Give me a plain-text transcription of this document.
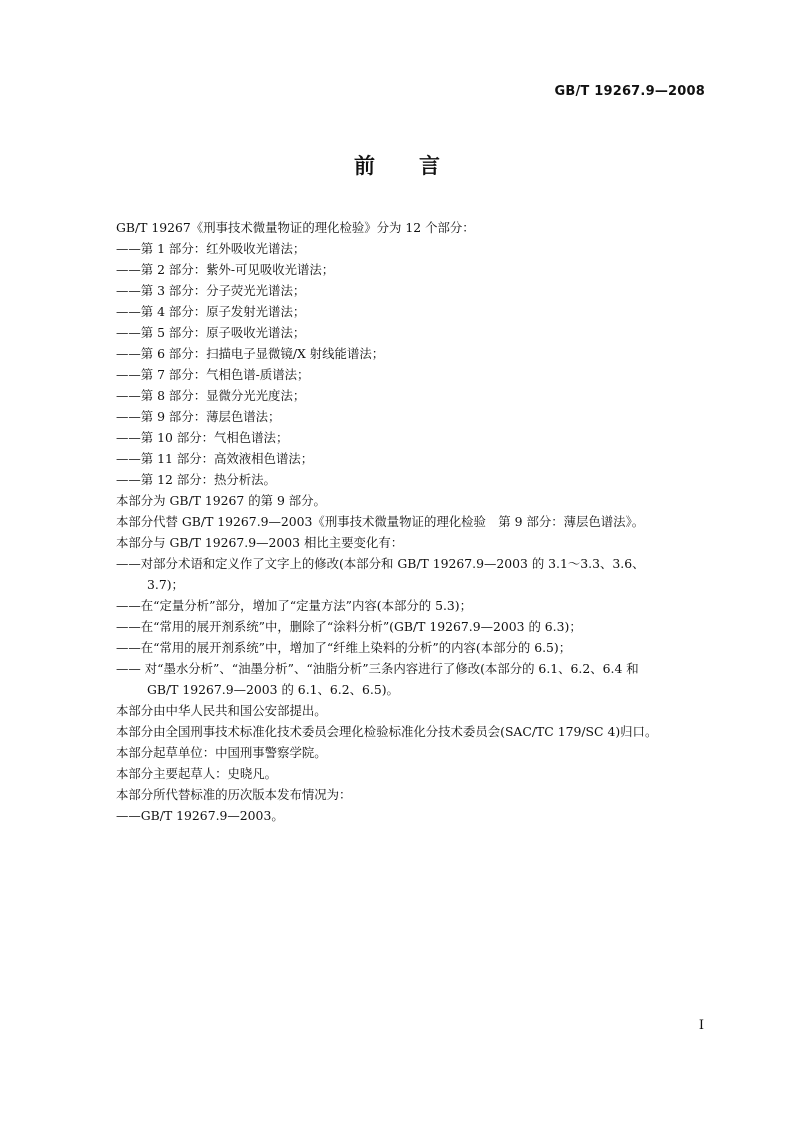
GB/T 19267.9—2008
前言
GB/T 19267《刑事技术微量物证的理化检验》分为 12 个部分：
——第 1 部分：红外吸收光谱法；
——第 2 部分：紫外-可见吸收光谱法；
——第 3 部分：分子荧光光谱法；
——第 4 部分：原子发射光谱法；
——第 5 部分：原子吸收光谱法；
——第 6 部分：扫描电子显微镜/X 射线能谱法；
——第 7 部分：气相色谱-质谱法；
——第 8 部分：显微分光光度法；
——第 9 部分：薄层色谱法；
——第 10 部分：气相色谱法；
——第 11 部分：高效液相色谱法；
——第 12 部分：热分析法。
本部分为 GB/T 19267 的第 9 部分。
本部分代替 GB/T 19267.9—2003《刑事技术微量物证的理化检验　第 9 部分：薄层色谱法》。
本部分与 GB/T 19267.9—2003 相比主要变化有：
——对部分术语和定义作了文字上的修改(本部分和 GB/T 19267.9—2003 的 3.1～3.3、3.6、
3.7)；
——在“定量分析”部分，增加了“定量方法”内容(本部分的 5.3)；
——在“常用的展开剂系统”中，删除了“涂料分析”(GB/T 19267.9—2003 的 6.3)；
——在“常用的展开剂系统”中，增加了“纤维上染料的分析”的内容(本部分的 6.5)；
—— 对“墨水分析”、“油墨分析”、“油脂分析”三条内容进行了修改(本部分的 6.1、6.2、6.4 和
GB/T 19267.9—2003 的 6.1、6.2、6.5)。
本部分由中华人民共和国公安部提出。
本部分由全国刑事技术标准化技术委员会理化检验标准化分技术委员会(SAC/TC 179/SC 4)归口。
本部分起草单位：中国刑事警察学院。
本部分主要起草人：史晓凡。
本部分所代替标准的历次版本发布情况为：
——GB/T 19267.9—2003。
I
